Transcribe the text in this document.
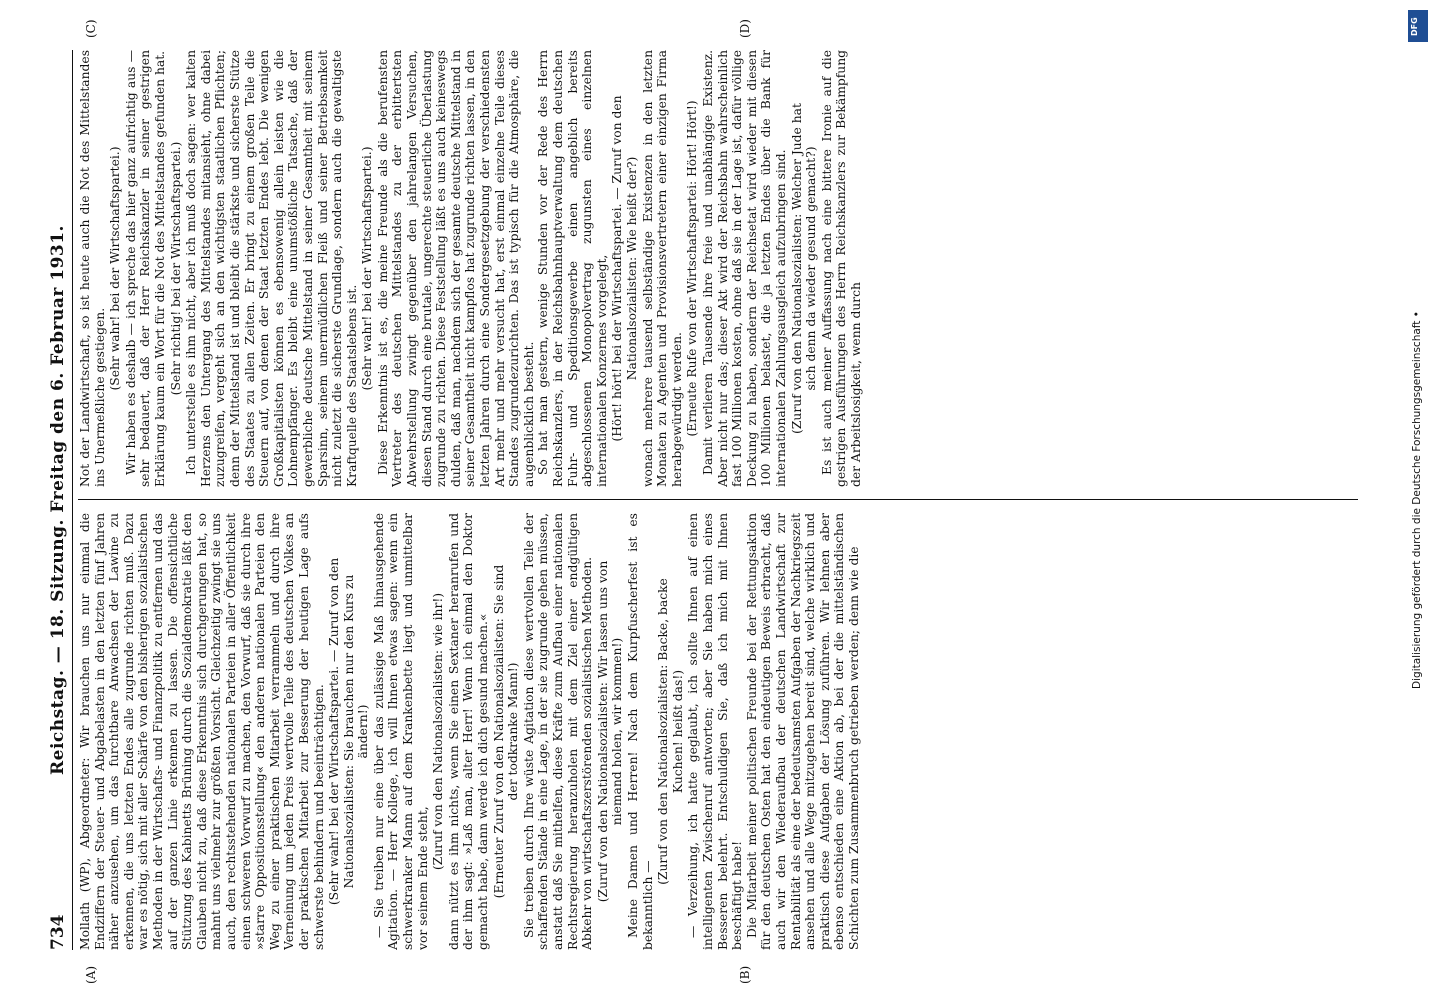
734
Reichstag. — 18. Sitzung. Freitag den 6. Februar 1931.
(A)	(B)
(C)	(D)

Mollath (WP), Abgeordneter: Wir brauchen uns nur einmal die Endziffern der Steuer- und Abgabelasten in den letzten fünf Jahren näher anzusehen, um das furchtbare Anwachsen der Lawine zu erkennen, die uns letzten Endes alle zugrunde richten muß. Dazu war es nötig, sich mit aller Schärfe von den bisherigen sozialistischen Methoden in der Wirtschafts- und Finanzpolitik zu entfernen und das auf der ganzen Linie erkennen zu lassen. Die offensichtliche Stützung des Kabinetts Brüning durch die Sozialdemokratie läßt den Glauben nicht zu, daß diese Erkenntnis sich durchgerungen hat, so mahnt uns vielmehr zur größten Vorsicht. Gleichzeitig zwingt sie uns auch, den rechtsstehenden nationalen Parteien in aller Öffentlichkeit einen schweren Vorwurf zu machen, den Vorwurf, daß sie durch ihre »starre Oppositionsstellung« den anderen nationalen Parteien den Weg zu einer praktischen Mitarbeit verrammeln und durch ihre Verneinung um jeden Preis wertvolle Teile des deutschen Volkes an der praktischen Mitarbeit zur Besserung der heutigen Lage aufs schwerste behindern und beeinträchtigen. (Sehr wahr! bei der Wirtschaftspartei. — Zuruf von den Nationalsozialisten: Sie brauchen nur den Kurs zu ändern!) — Sie treiben nur eine über das zulässige Maß hinausgehende Agitation. — Herr Kollege, ich will Ihnen etwas sagen: wenn ein schwerkranker Mann auf dem Krankenbette liegt und unmittelbar vor seinem Ende steht,

(Zuruf von den Nationalsozialisten: wie ihr!) dann nützt es ihm nichts, wenn Sie einen Sextaner heranrufen und der ihm sagt: »Laß man, alter Herr! Wenn ich einmal den Doktor gemacht habe, dann werde ich dich gesund machen.« (Erneuter Zuruf von den Nationalsozialisten: Sie sind der todkranke Mann!) Sie treiben durch Ihre wüste Agitation diese wertvollen Teile der schaffenden Stände in eine Lage, in der sie zugrunde gehen müssen, anstatt daß Sie mithelfen, diese Kräfte zum Aufbau einer nationalen Rechtsregierung heranzuholen mit dem Ziel einer endgültigen Abkehr von wirtschaftszerstörenden sozialistischen Methoden. (Zuruf von den Nationalsozialisten: Wir lassen uns von niemand holen, wir kommen!) Meine Damen und Herren! Nach dem Kurpfuscherfest ist es bekanntlich —

(Zuruf von den Nationalsozialisten: Backe, backe Kuchen! heißt das!) — Verzeihung, ich hatte geglaubt, ich sollte Ihnen auf einen intelligenten Zwischenruf antworten; aber Sie haben mich eines Besseren belehrt. Entschuldigen Sie, daß ich mich mit Ihnen beschäftigt habe! Die Mitarbeit meiner politischen Freunde bei der Rettungsaktion für den deutschen Osten hat den eindeutigen Beweis erbracht, daß auch wir den Wiederaufbau der deutschen Landwirtschaft zur Rentabilität als eine der bedeutsamsten Aufgaben der Nachkriegszeit ansehen und alle Wege mitzugehen bereit sind, welche wirklich und praktisch diese Aufgaben der Lösung zuführen. Wir lehnen aber ebenso entschieden eine Aktion ab, bei der die mittelständischen Schichten zum Zusammenbruch getrieben werden; denn wie die

Not der Landwirtschaft, so ist heute auch die Not des Mittelstandes ins Unermeßliche gestiegen.

(Sehr wahr! bei der Wirtschaftspartei.) Wir haben es deshalb — ich spreche das hier ganz aufrichtig aus — sehr bedauert, daß der Herr Reichskanzler in seiner gestrigen Erklärung kaum ein Wort für die Not des Mittelstandes gefunden hat. (Sehr richtig! bei der Wirtschaftspartei.) Ich unterstelle es ihm nicht, aber ich muß doch sagen: wer kalten Herzens den Untergang des Mittelstandes mitansieht, ohne dabei zuzugreifen, vergeht sich an den wichtigsten staatlichen Pflichten; denn der Mittelstand ist und bleibt die stärkste und sicherste Stütze des Staates zu allen Zeiten. Er bringt zu einem großen Teile die Steuern auf, von denen der Staat letzten Endes lebt. Die wenigen Großkapitalisten können es ebensowenig allein leisten wie die Lohnempfänger. Es bleibt eine unumstößliche Tatsache, daß der gewerbliche deutsche Mittelstand in seiner Gesamtheit mit seinem Sparsinn, seinem unermüdlichen Fleiß und seiner Betriebsamkeit nicht zuletzt die sicherste Grundlage, sondern auch die gewaltigste Kraftquelle des Staatslebens ist. (Sehr wahr! bei der Wirtschaftspartei.) Diese Erkenntnis ist es, die meine Freunde als die berufensten Vertreter des deutschen Mittelstandes zu der erbittertsten Abwehrstellung zwingt gegenüber den jahrelangen Versuchen, diesen Stand durch eine brutale, ungerechte steuerliche Überlastung zugrunde zu richten. Diese Feststellung läßt es uns auch keineswegs dulden, daß man, nachdem sich der gesamte deutsche Mittelstand in seiner Gesamtheit nicht kampflos hat zugrunde richten lassen, in den letzten Jahren durch eine Sondergesetzgebung der verschiedensten Art mehr und mehr versucht hat, erst einmal einzelne Teile dieses Standes zugrundezurichten. Das ist typisch für die Atmosphäre, die augenblicklich besteht. So hat man gestern, wenige Stunden vor der Rede des Herrn Reichskanzlers, in der Reichsbahnhauptverwaltung dem deutschen Fuhr- und Speditionsgewerbe einen angeblich bereits abgeschlossenen Monopolvertrag zugunsten eines einzelnen internationalen Konzernes vorgelegt, (Hört! hört! bei der Wirtschaftspartei. — Zuruf von den Nationalsozialisten: Wie heißt der?) wonach mehrere tausend selbständige Existenzen in den letzten Monaten zu Agenten und Provisionsvertretern einer einzigen Firma herabgewürdigt werden. (Erneute Rufe von der Wirtschaftspartei: Hört! Hört!) Damit verlieren Tausende ihre freie und unabhängige Existenz. Aber nicht nur das; dieser Akt wird der Reichsbahn wahrscheinlich fast 100 Millionen kosten, ohne daß sie in der Lage ist, dafür völlige Deckung zu haben, sondern der Reichsetat wird wieder mit diesen 100 Millionen belastet, die ja letzten Endes über die Bank für internationalen Zahlungsausgleich aufzubringen sind. (Zuruf von den Nationalsozialisten: Welcher Jude hat sich denn da wieder gesund gemacht?) Es ist auch meiner Auffassung nach eine bittere Ironie auf die gestrigen Ausführungen des Herrn Reichskanzlers zur Bekämpfung der Arbeitslosigkeit, wenn durch

DFG
Digitalisierung gefördert durch die Deutsche Forschungsgemeinschaft •
